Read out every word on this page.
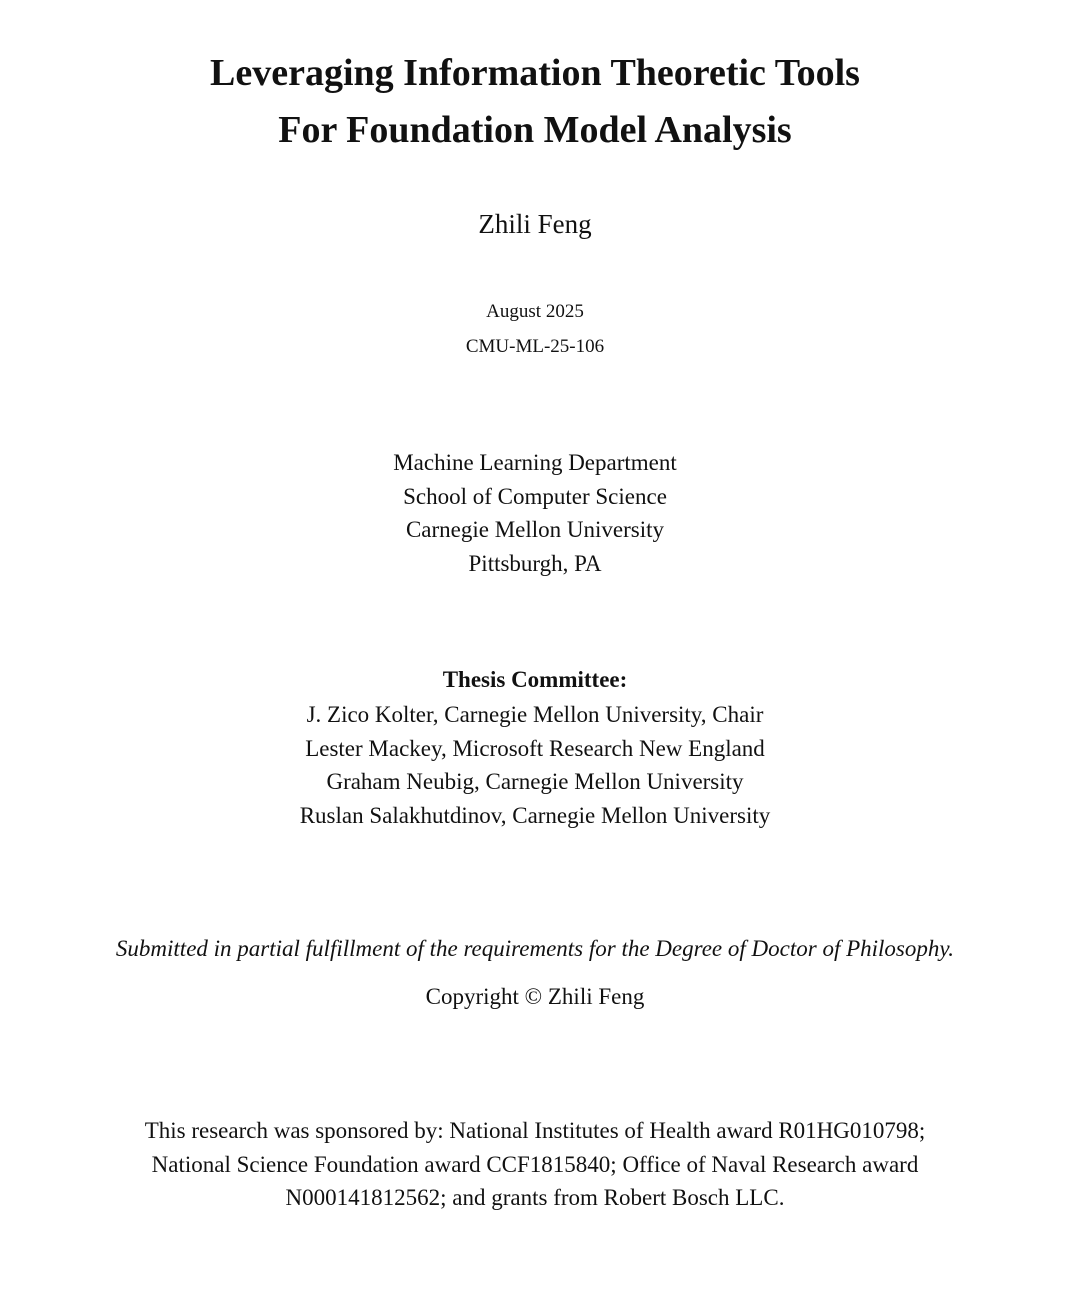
Leveraging Information Theoretic Tools
For Foundation Model Analysis
Zhili Feng
August 2025
CMU-ML-25-106
Machine Learning Department
School of Computer Science
Carnegie Mellon University
Pittsburgh, PA
Thesis Committee:
J. Zico Kolter, Carnegie Mellon University, Chair
Lester Mackey, Microsoft Research New England
Graham Neubig, Carnegie Mellon University
Ruslan Salakhutdinov, Carnegie Mellon University
Submitted in partial fulfillment of the requirements for the Degree of Doctor of Philosophy.
Copyright © Zhili Feng
This research was sponsored by: National Institutes of Health award R01HG010798;
National Science Foundation award CCF1815840; Office of Naval Research award
N000141812562; and grants from Robert Bosch LLC.
